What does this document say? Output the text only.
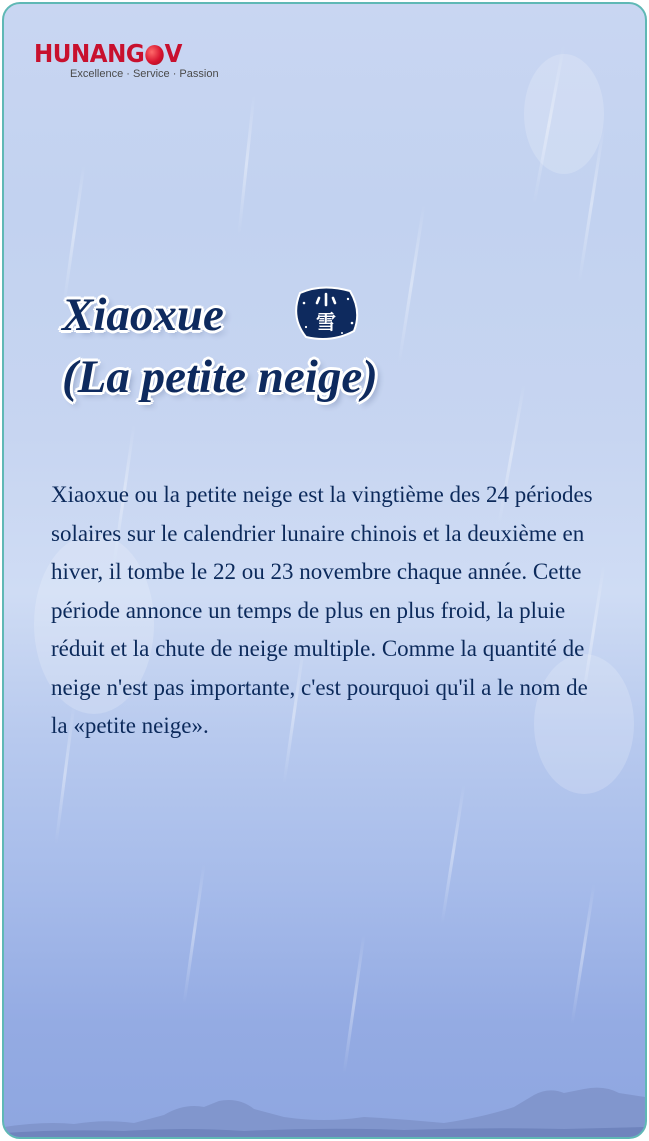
HUNANG V
Excellence · Service · Passion
Xiaoxue
(La petite neige)
雪

Xiaoxue ou la petite neige est la vingtième des 24 périodes solaires sur le calendrier lunaire chinois et la deuxième en hiver, il tombe le 22 ou 23 novembre chaque année. Cette période annonce un temps de plus en plus froid, la pluie réduit et la chute de neige multiple. Comme la quantité de neige n'est pas importante, c'est pourquoi qu'il a le nom de la «petite neige».
